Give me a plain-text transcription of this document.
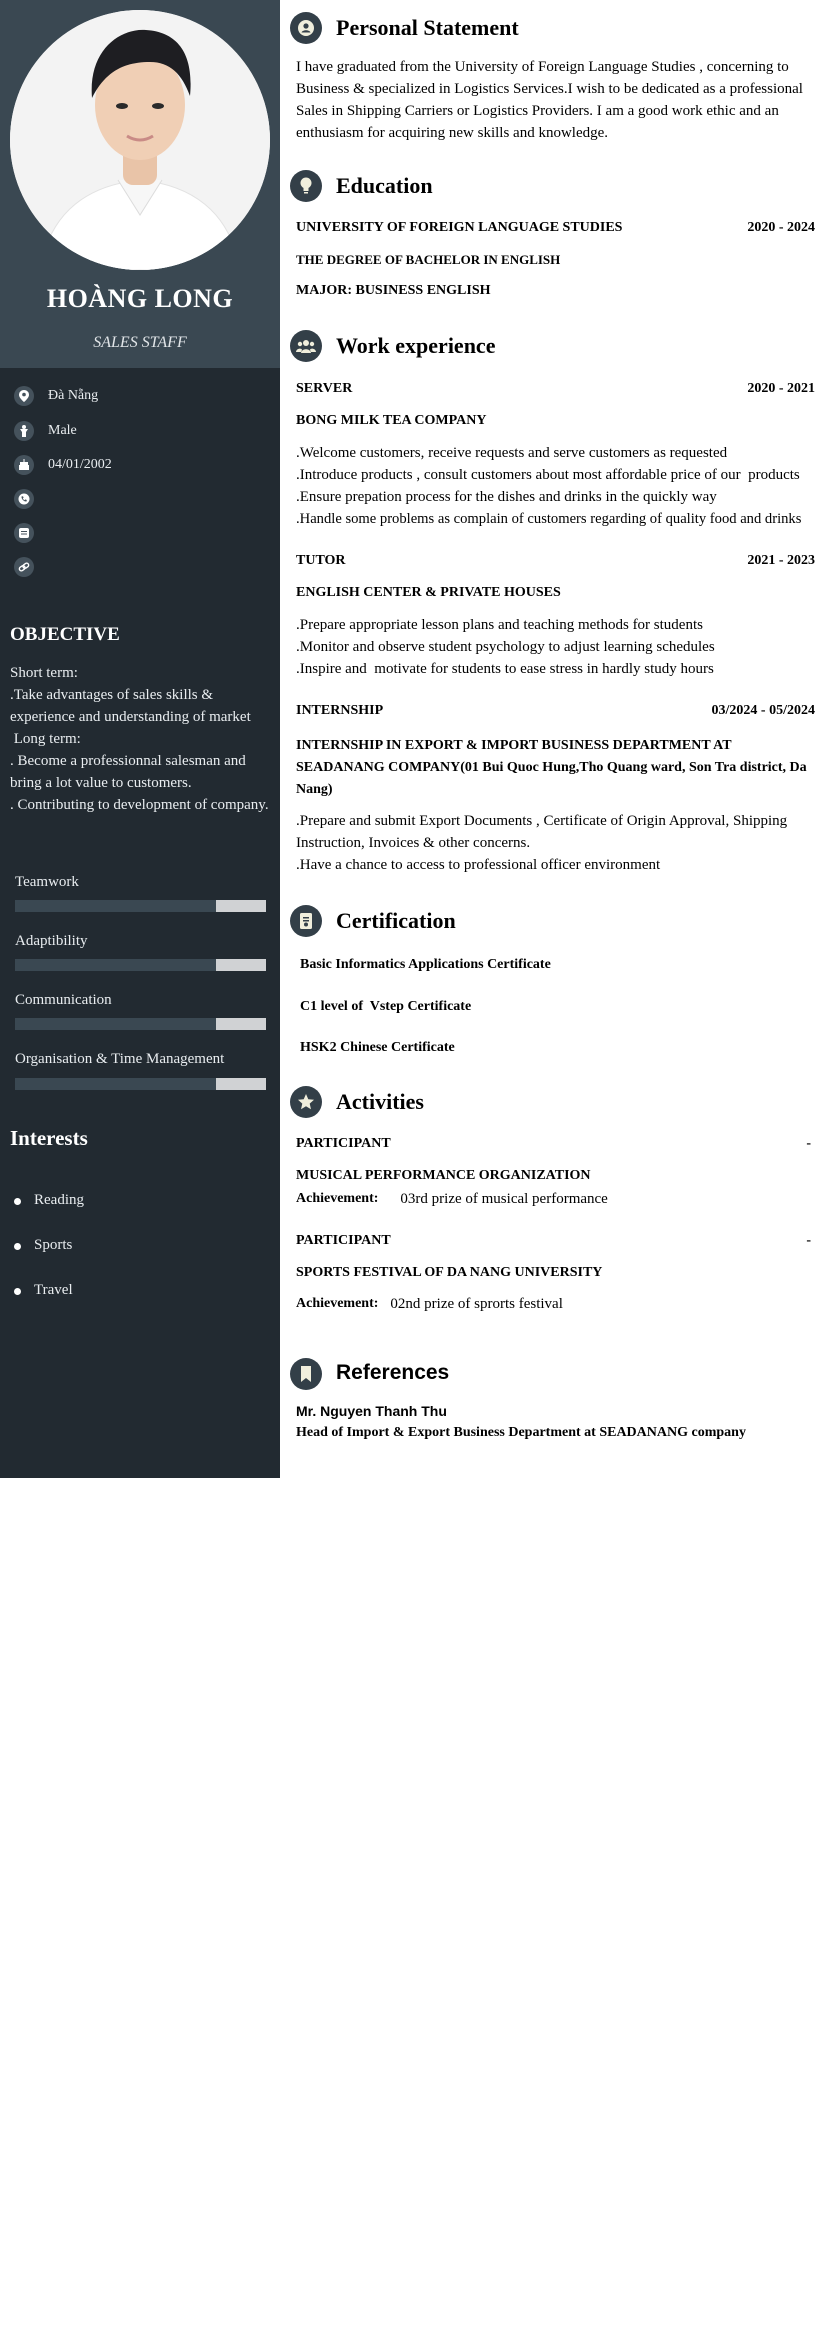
HOÀNG LONG
SALES STAFF
Đà Nẵng
Male
04/01/2002
OBJECTIVE
Short term:
.Take advantages of sales skills & experience and understanding of market
Long term:
. Become a professionnal salesman and bring a lot value to customers.
. Contributing to development of company.
Teamwork
Adaptibility
Communication
Organisation & Time Management
Interests
Reading
Sports
Travel
Personal Statement
I have graduated from the University of Foreign Language Studies , concerning to Business & specialized in Logistics Services.I wish to be dedicated as a professional Sales in Shipping Carriers or Logistics Providers. I am a good work ethic and an enthusiasm for acquiring new skills and knowledge.
Education
UNIVERSITY OF FOREIGN LANGUAGE STUDIES	2020 - 2024
THE DEGREE OF BACHELOR IN ENGLISH
MAJOR: BUSINESS ENGLISH
Work experience
SERVER	2020 - 2021
BONG MILK TEA COMPANY
.Welcome customers, receive requests and serve customers as requested
.Introduce products , consult customers about most affordable price of our  products
.Ensure prepation process for the dishes and drinks in the quickly way
.Handle some problems as complain of customers regarding of quality food and drinks
TUTOR	2021 - 2023
ENGLISH CENTER & PRIVATE HOUSES
.Prepare appropriate lesson plans and teaching methods for students
.Monitor and observe student psychology to adjust learning schedules
.Inspire and  motivate for students to ease stress in hardly study hours
INTERNSHIP	03/2024 - 05/2024
INTERNSHIP IN EXPORT & IMPORT BUSINESS DEPARTMENT AT SEADANANG COMPANY(01 Bui Quoc Hung,Tho Quang ward, Son Tra district, Da Nang)
.Prepare and submit Export Documents , Certificate of Origin Approval, Shipping Instruction, Invoices & other concerns.
.Have a chance to access to professional officer environment
Certification
Basic Informatics Applications Certificate
C1 level of  Vstep Certificate
HSK2 Chinese Certificate
Activities
PARTICIPANT	-
MUSICAL PERFORMANCE ORGANIZATION
Achievement: 03rd prize of musical performance
PARTICIPANT	-
SPORTS FESTIVAL OF DA NANG UNIVERSITY
Achievement: 02nd prize of sprorts festival
References
Mr. Nguyen Thanh Thu
Head of Import & Export Business Department at SEADANANG company
